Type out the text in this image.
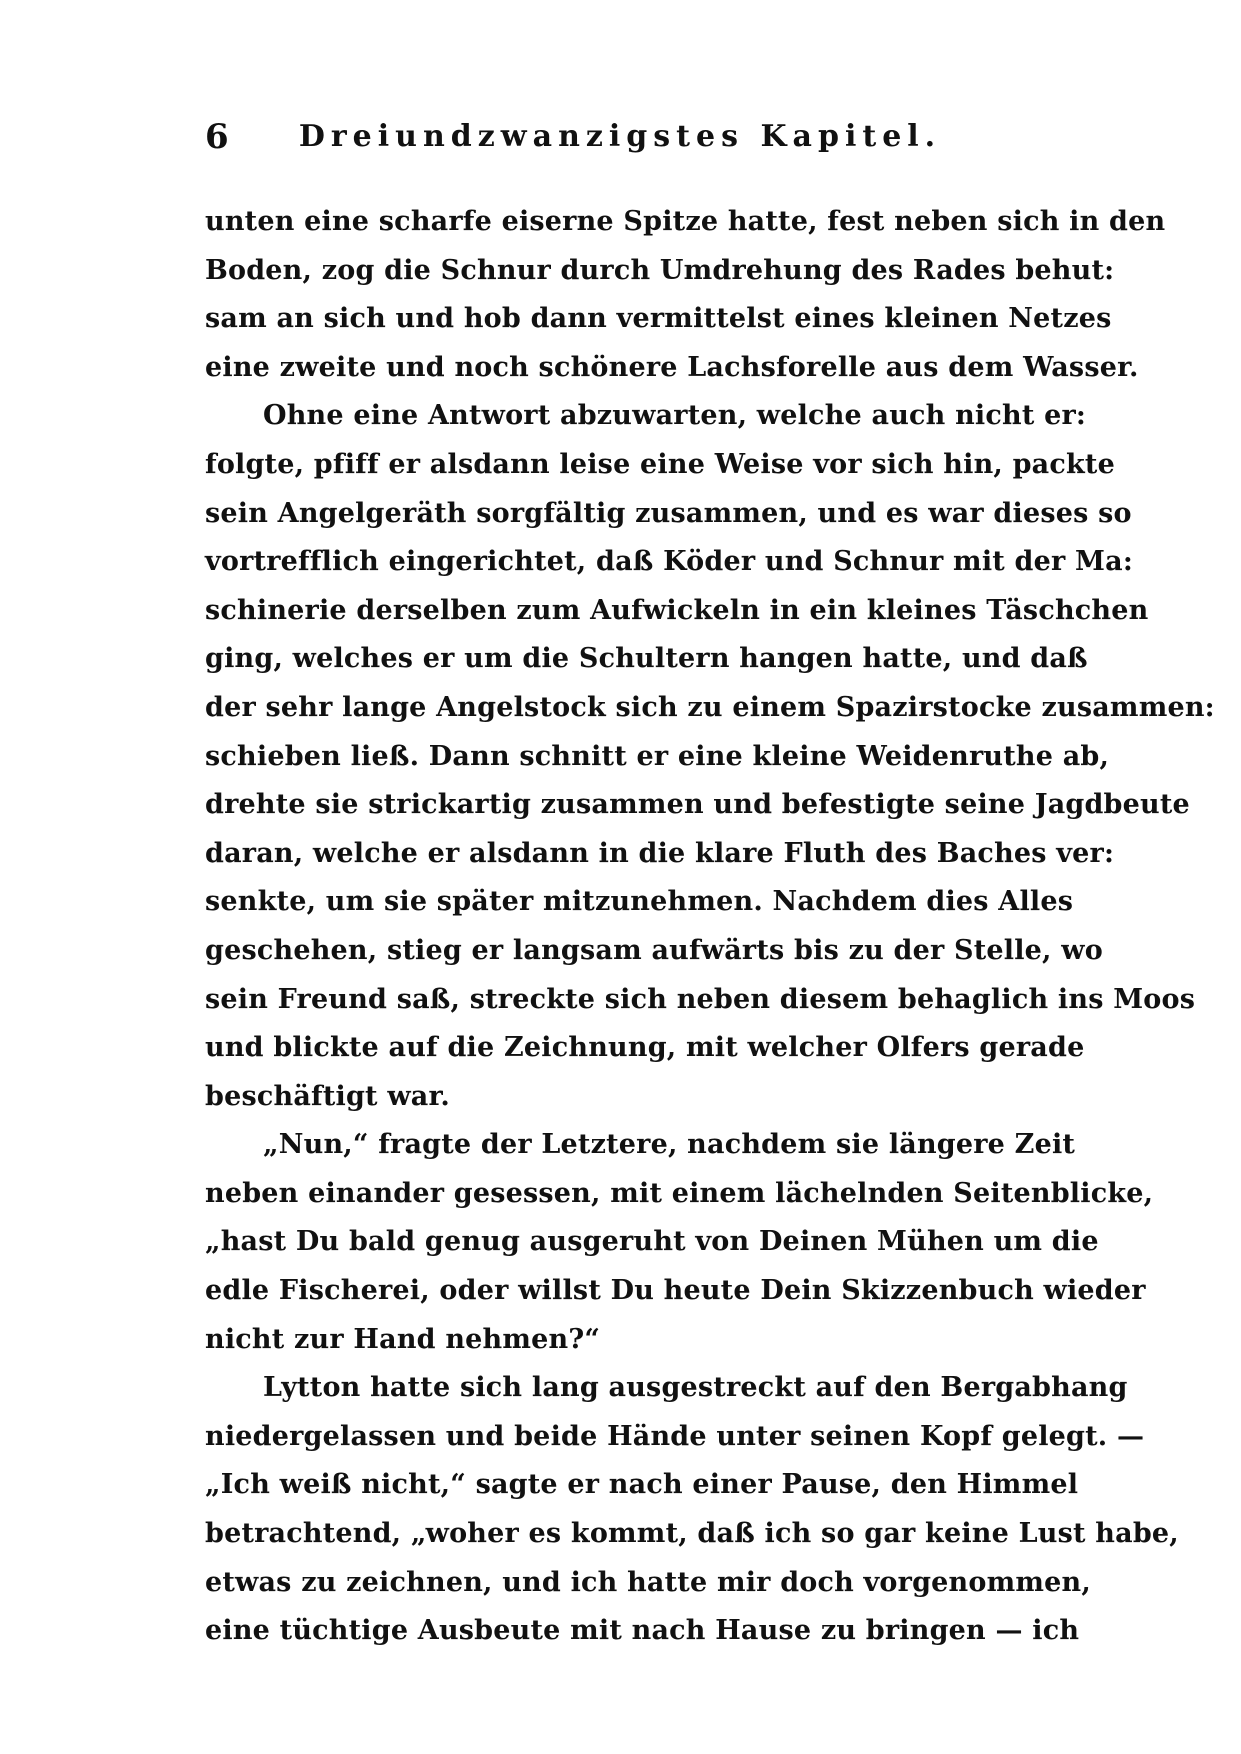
6	Dreiundzwanzigstes Kapitel.
unten eine scharfe eiserne Spitze hatte, fest neben sich in den
Boden, zog die Schnur durch Umdrehung des Rades behut:
sam an sich und hob dann vermittelst eines kleinen Netzes
eine zweite und noch schönere Lachsforelle aus dem Wasser.
Ohne eine Antwort abzuwarten, welche auch nicht er:
folgte, pfiff er alsdann leise eine Weise vor sich hin, packte
sein Angelgeräth sorgfältig zusammen, und es war dieses so
vortrefflich eingerichtet, daß Köder und Schnur mit der Ma:
schinerie derselben zum Aufwickeln in ein kleines Täschchen
ging, welches er um die Schultern hangen hatte, und daß
der sehr lange Angelstock sich zu einem Spazirstocke zusammen:
schieben ließ. Dann schnitt er eine kleine Weidenruthe ab,
drehte sie strickartig zusammen und befestigte seine Jagdbeute
daran, welche er alsdann in die klare Fluth des Baches ver:
senkte, um sie später mitzunehmen. Nachdem dies Alles
geschehen, stieg er langsam aufwärts bis zu der Stelle, wo
sein Freund saß, streckte sich neben diesem behaglich ins Moos
und blickte auf die Zeichnung, mit welcher Olfers gerade
beschäftigt war.
„Nun,“ fragte der Letztere, nachdem sie längere Zeit
neben einander gesessen, mit einem lächelnden Seitenblicke,
„hast Du bald genug ausgeruht von Deinen Mühen um die
edle Fischerei, oder willst Du heute Dein Skizzenbuch wieder
nicht zur Hand nehmen?“
Lytton hatte sich lang ausgestreckt auf den Bergabhang
niedergelassen und beide Hände unter seinen Kopf gelegt. —
„Ich weiß nicht,“ sagte er nach einer Pause, den Himmel
betrachtend, „woher es kommt, daß ich so gar keine Lust habe,
etwas zu zeichnen, und ich hatte mir doch vorgenommen,
eine tüchtige Ausbeute mit nach Hause zu bringen — ich
